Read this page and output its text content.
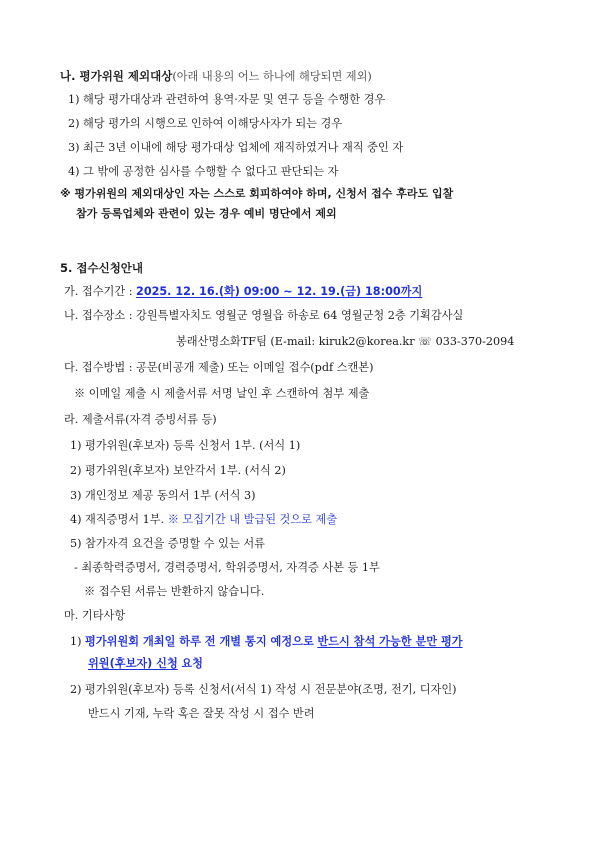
나. 평가위원 제외대상(아래 내용의 어느 하나에 해당되면 제외)
1) 해당 평가대상과 관련하여 용역·자문 및 연구 등을 수행한 경우
2) 해당 평가의 시행으로 인하여 이해당사자가 되는 경우
3) 최근 3년 이내에 해당 평가대상 업체에 재직하였거나 재직 중인 자
4) 그 밖에 공정한 심사를 수행할 수 없다고 판단되는 자
※ 평가위원의 제외대상인 자는 스스로 회피하여야 하며, 신청서 접수 후라도 입찰
참가 등록업체와 관련이 있는 경우 예비 명단에서 제외
5. 접수신청안내
가. 접수기간 : 2025. 12. 16.(화) 09:00 ~ 12. 19.(금) 18:00까지
나. 접수장소 : 강원특별자치도 영월군 영월읍 하송로 64 영월군청 2층 기획감사실
봉래산명소화TF팀 (E-mail: kiruk2@korea.kr ☏ 033-370-2094
다. 접수방법 : 공문(비공개 제출) 또는 이메일 접수(pdf 스캔본)
※ 이메일 제출 시 제출서류 서명 날인 후 스캔하여 첨부 제출
라. 제출서류(자격 증빙서류 등)
1) 평가위원(후보자) 등록 신청서 1부. (서식 1)
2) 평가위원(후보자) 보안각서 1부. (서식 2)
3) 개인정보 제공 동의서 1부 (서식 3)
4) 재직증명서 1부. ※ 모집기간 내 발급된 것으로 제출
5) 참가자격 요건을 증명할 수 있는 서류
- 최종학력증명서, 경력증명서, 학위증명서, 자격증 사본 등 1부
※ 접수된 서류는 반환하지 않습니다.
마. 기타사항
1) 평가위원회 개최일 하루 전 개별 통지 예정으로 반드시 참석 가능한 분만 평가
위원(후보자) 신청 요청
2) 평가위원(후보자) 등록 신청서(서식 1) 작성 시 전문분야(조명, 전기, 디자인)
반드시 기재, 누락 혹은 잘못 작성 시 접수 반려
